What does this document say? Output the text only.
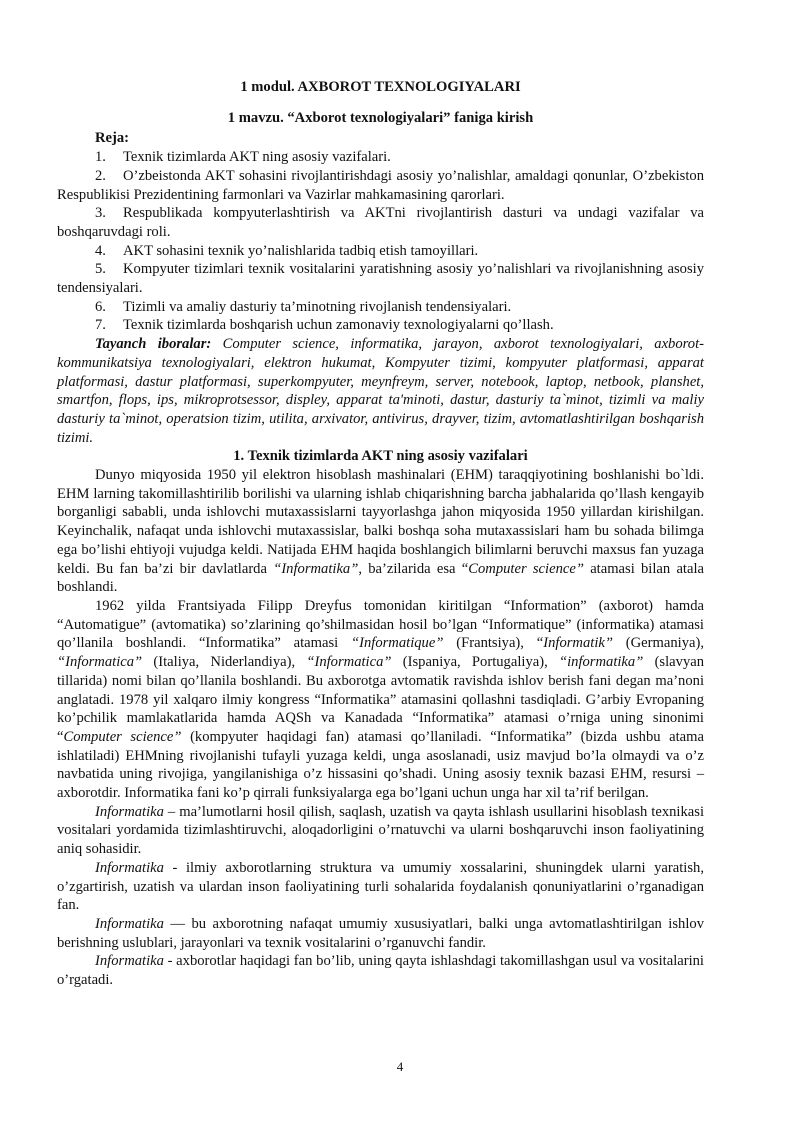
1 modul. AXBOROT TEXNOLOGIYALARI

1 mavzu. “Axborot texnologiyalari” faniga kirish

Reja:

1. Texnik tizimlarda AKT ning asosiy vazifalari.

2. O’zbeistonda AKT sohasini rivojlantirishdagi asosiy yo’nalishlar, amaldagi qonunlar, O’zbekiston Respublikisi Prezidentining farmonlari va Vazirlar mahkamasining qarorlari.

3. Respublikada kompyuterlashtirish va AKTni rivojlantirish dasturi va undagi vazifalar va boshqaruvdagi roli.

4. AKT sohasini texnik yo’nalishlarida tadbiq etish tamoyillari.

5. Kompyuter tizimlari texnik vositalarini yaratishning asosiy yo’nalishlari va rivojlanishning asosiy tendensiyalari.

6. Tizimli va amaliy dasturiy ta’minotning rivojlanish tendensiyalari.

7. Texnik tizimlarda boshqarish uchun zamonaviy texnologiyalarni qo’llash.

Tayanch iboralar: Computer science, informatika, jarayon, axborot texnologiyalari, axborot-kommunikatsiya texnologiyalari, elektron hukumat, Kompyuter tizimi, kompyuter platformasi, apparat platformasi, dastur platformasi, superkompyuter, meynfreym, server, notebook, laptop, netbook, planshet, smartfon, flops, ips, mikroprotsessor, displey, apparat ta'minoti, dastur, dasturiy ta`minot, tizimli va maliy dasturiy ta`minot, operatsion tizim, utilita, arxivator, antivirus, drayver, tizim, avtomatlashtirilgan boshqarish tizimi.

1. Texnik tizimlarda AKT ning asosiy vazifalari

Dunyo miqyosida 1950 yil elektron hisoblash mashinalari (EHM) taraqqiyotining boshlanishi bo`ldi. EHM larning takomillashtirilib borilishi va ularning ishlab chiqarishning barcha jabhalarida qo’llash kengayib borganligi sababli, unda ishlovchi mutaxassislarni tayyorlashga jahon miqyosida 1950 yillardan kirishilgan. Keyinchalik, nafaqat unda ishlovchi mutaxassislar, balki boshqa soha mutaxassislari ham bu sohada bilimga ega bo’lishi ehtiyoji vujudga keldi. Natijada EHM haqida boshlangich bilimlarni beruvchi maxsus fan yuzaga keldi. Bu fan ba’zi bir davlatlarda “Informatika”, ba’zilarida esa “Computer science” atamasi bilan atala boshlandi.

1962 yilda Frantsiyada Filipp Dreyfus tomonidan kiritilgan “Information” (axborot) hamda “Automatigue” (avtomatika) so’zlarining qo’shilmasidan hosil bo’lgan “Informatique” (informatika) atamasi qo’llanila boshlandi. “Informatika” atamasi “Informatique” (Frantsiya), “Informatik” (Germaniya), “Informatica” (Italiya, Niderlandiya), “Informatica” (Ispaniya, Portugaliya), “informatika” (slavyan tillarida) nomi bilan qo’llanila boshlandi. Bu axborotga avtomatik ravishda ishlov berish fani degan ma’noni anglatadi. 1978 yil xalqaro ilmiy kongress “Informatika” atamasini qollashni tasdiqladi. G’arbiy Evropaning ko’pchilik mamlakatlarida hamda AQSh va Kanadada “Informatika” atamasi o’rniga uning sinonimi “Computer science” (kompyuter haqidagi fan) atamasi qo’llaniladi. “Informatika” (bizda ushbu atama ishlatiladi) EHMning rivojlanishi tufayli yuzaga keldi, unga asoslanadi, usiz mavjud bo’la olmaydi va o’z navbatida uning rivojiga, yangilanishiga o’z hissasini qo’shadi. Uning asosiy texnik bazasi EHM, resursi – axborotdir. Informatika fani ko’p qirrali funksiyalarga ega bo’lgani uchun unga har xil ta’rif berilgan.

Informatika – ma’lumotlarni hosil qilish, saqlash, uzatish va qayta ishlash usullarini hisoblash texnikasi vositalari yordamida tizimlashtiruvchi, aloqadorligini o’rnatuvchi va ularni boshqaruvchi inson faoliyatining aniq sohasidir.

Informatika - ilmiy axborotlarning struktura va umumiy xossalarini, shuningdek ularni yaratish, o’zgartirish, uzatish va ulardan inson faoliyatining turli sohalarida foydalanish qonuniyatlarini o’rganadigan fan.

Informatika — bu axborotning nafaqat umumiy xususiyatlari, balki unga avtomatlashtirilgan ishlov berishning uslublari, jarayonlari va texnik vositalarini o’rganuvchi fandir.

Informatika - axborotlar haqidagi fan bo’lib, uning qayta ishlashdagi takomillashgan usul va vositalarini o’rgatadi.

4
